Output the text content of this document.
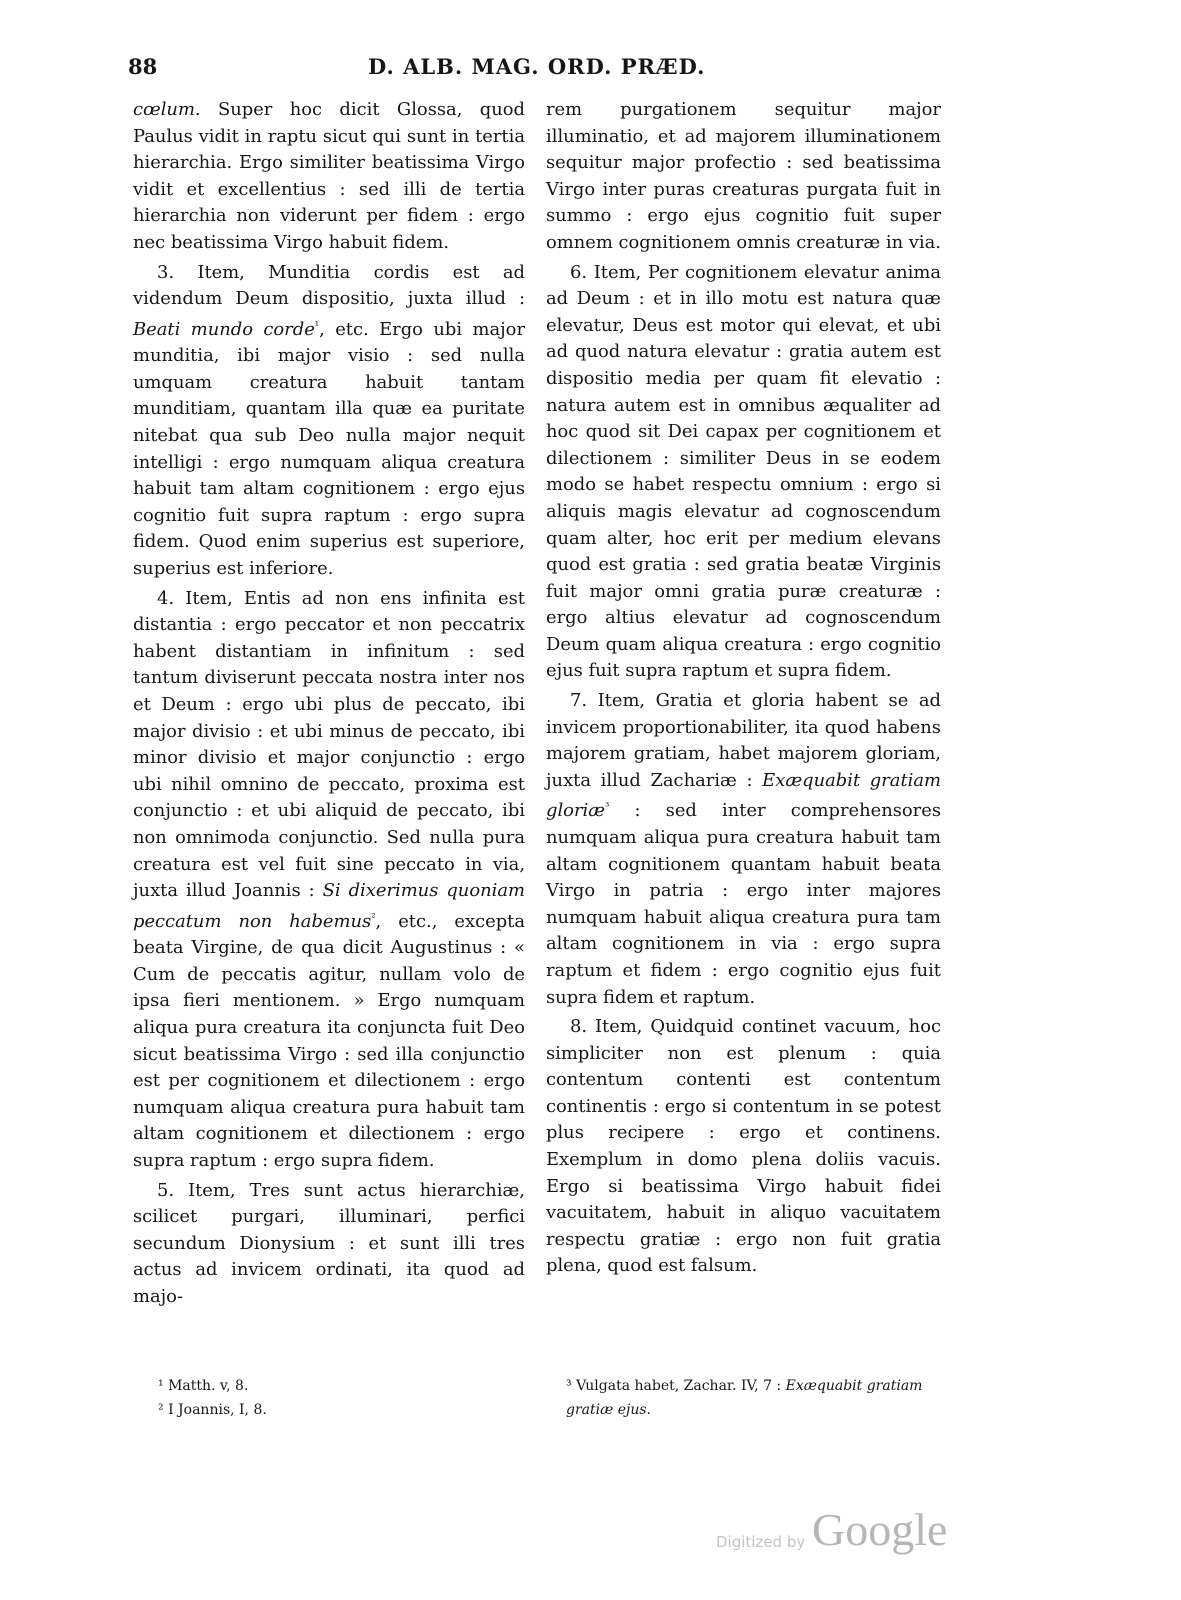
88	D. ALB. MAG. ORD. PRÆD.

cœlum. Super hoc dicit Glossa, quod Paulus vidit in raptu sicut qui sunt in tertia hierarchia. Ergo similiter beatissima Virgo vidit et excellentius : sed illi de tertia hierarchia non viderunt per fidem : ergo nec beatissima Virgo habuit fidem.

3. Item, Munditia cordis est ad videndum Deum dispositio, juxta illud : Beati mundo corde$^{^1}$, etc. Ergo ubi major munditia, ibi major visio : sed nulla umquam creatura habuit tantam munditiam, quantam illa quæ ea puritate nitebat qua sub Deo nulla major nequit intelligi : ergo numquam aliqua creatura habuit tam altam cognitionem : ergo ejus cognitio fuit supra raptum : ergo supra fidem. Quod enim superius est superiore, superius est inferiore.

4. Item, Entis ad non ens infinita est distantia : ergo peccator et non peccatrix habent distantiam in infinitum : sed tantum diviserunt peccata nostra inter nos et Deum : ergo ubi plus de peccato, ibi major divisio : et ubi minus de peccato, ibi minor divisio et major conjunctio : ergo ubi nihil omnino de peccato, proxima est conjunctio : et ubi aliquid de peccato, ibi non omnimoda conjunctio. Sed nulla pura creatura est vel fuit sine peccato in via, juxta illud Joannis : Si dixerimus quoniam peccatum non habemus$^{^2}$, etc., excepta beata Virgine, de qua dicit Augustinus : « Cum de peccatis agitur, nullam volo de ipsa fieri mentionem. » Ergo numquam aliqua pura creatura ita conjuncta fuit Deo sicut beatissima Virgo : sed illa conjunctio est per cognitionem et dilectionem : ergo numquam aliqua creatura pura habuit tam altam cognitionem et dilectionem : ergo supra raptum : ergo supra fidem.

5. Item, Tres sunt actus hierarchiæ, scilicet purgari, illuminari, perfici secundum Dionysium : et sunt illi tres actus ad invicem ordinati, ita quod ad majo-

rem purgationem sequitur major illuminatio, et ad majorem illuminationem sequitur major profectio : sed beatissima Virgo inter puras creaturas purgata fuit in summo : ergo ejus cognitio fuit super omnem cognitionem omnis creaturæ in via.

6. Item, Per cognitionem elevatur anima ad Deum : et in illo motu est natura quæ elevatur, Deus est motor qui elevat, et ubi ad quod natura elevatur : gratia autem est dispositio media per quam fit elevatio : natura autem est in omnibus æqualiter ad hoc quod sit Dei capax per cognitionem et dilectionem : similiter Deus in se eodem modo se habet respectu omnium : ergo si aliquis magis elevatur ad cognoscendum quam alter, hoc erit per medium elevans quod est gratia : sed gratia beatæ Virginis fuit major omni gratia puræ creaturæ : ergo altius elevatur ad cognoscendum Deum quam aliqua creatura : ergo cognitio ejus fuit supra raptum et supra fidem.

7. Item, Gratia et gloria habent se ad invicem proportionabiliter, ita quod habens majorem gratiam, habet majorem gloriam, juxta illud Zachariæ : Exæquabit gratiam gloriæ$^{^3}$ : sed inter comprehensores numquam aliqua pura creatura habuit tam altam cognitionem quantam habuit beata Virgo in patria : ergo inter majores numquam habuit aliqua creatura pura tam altam cognitionem in via : ergo supra raptum et fidem : ergo cognitio ejus fuit supra fidem et raptum.

8. Item, Quidquid continet vacuum, hoc simpliciter non est plenum : quia contentum contenti est contentum continentis : ergo si contentum in se potest plus recipere : ergo et continens. Exemplum in domo plena doliis vacuis. Ergo si beatissima Virgo habuit fidei vacuitatem, habuit in aliquo vacuitatem respectu gratiæ : ergo non fuit gratia plena, quod est falsum.

¹ Matth. v, 8.

² I Joannis, I, 8.

³ Vulgata habet, Zachar. IV, 7 : Exæquabit gratiam gratiæ ejus.

Digitized by Google
